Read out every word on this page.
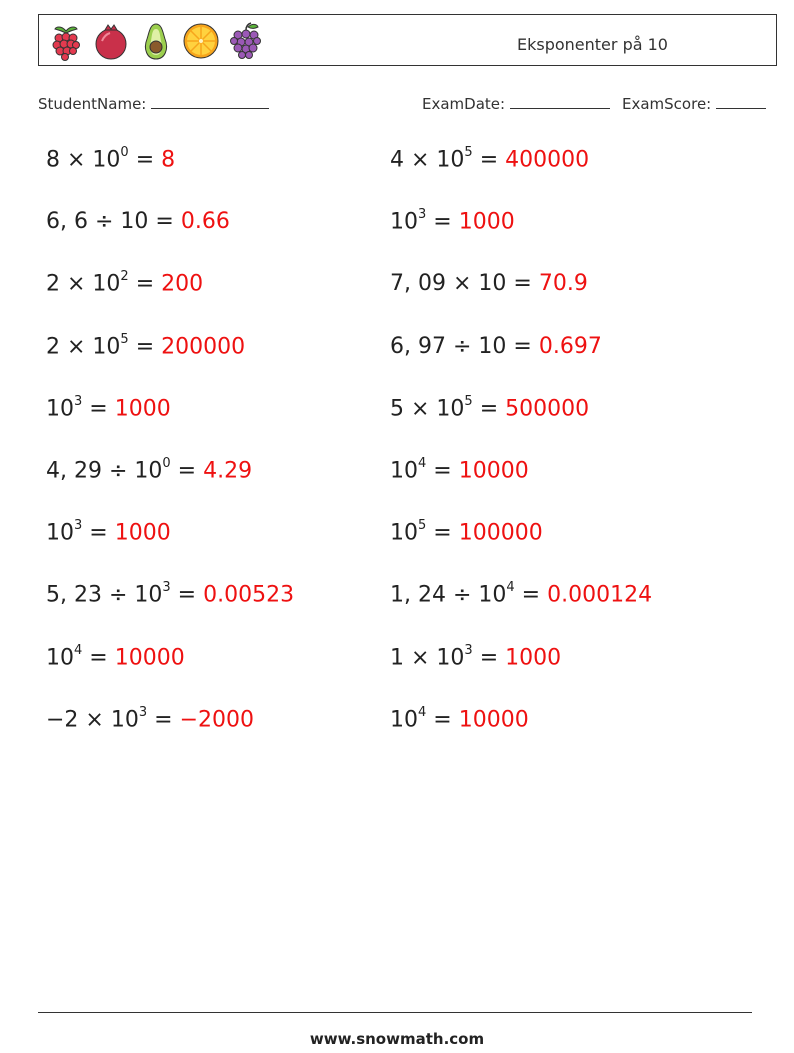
Eksponenter på 10
StudentName:	ExamDate:	ExamScore:
$8 \times 10^0 = 8$	$4 \times 10^5 = 400000$
6, 6 ÷ 10 = 0.66	$10^3 = 1000$
$2 \times 10^2 = 200$	7, 09 × 10 = 70.9
$2 \times 10^5 = 200000$	6, 97 ÷ 10 = 0.697
$10^3 = 1000$	$5 \times 10^5 = 500000$
4, $29 \div 10^0 = 4.29$	$10^4 = 10000$
$10^3 = 1000$	$10^5 = 100000$
5, $23 \div 10^3 = 0.00523$	1, $24 \div 10^4 = 0.000124$
$10^4 = 10000$	$1 \times 10^3 = 1000$
$-2 \times 10^3 = -2000$	$10^4 = 10000$
www.snowmath.com
